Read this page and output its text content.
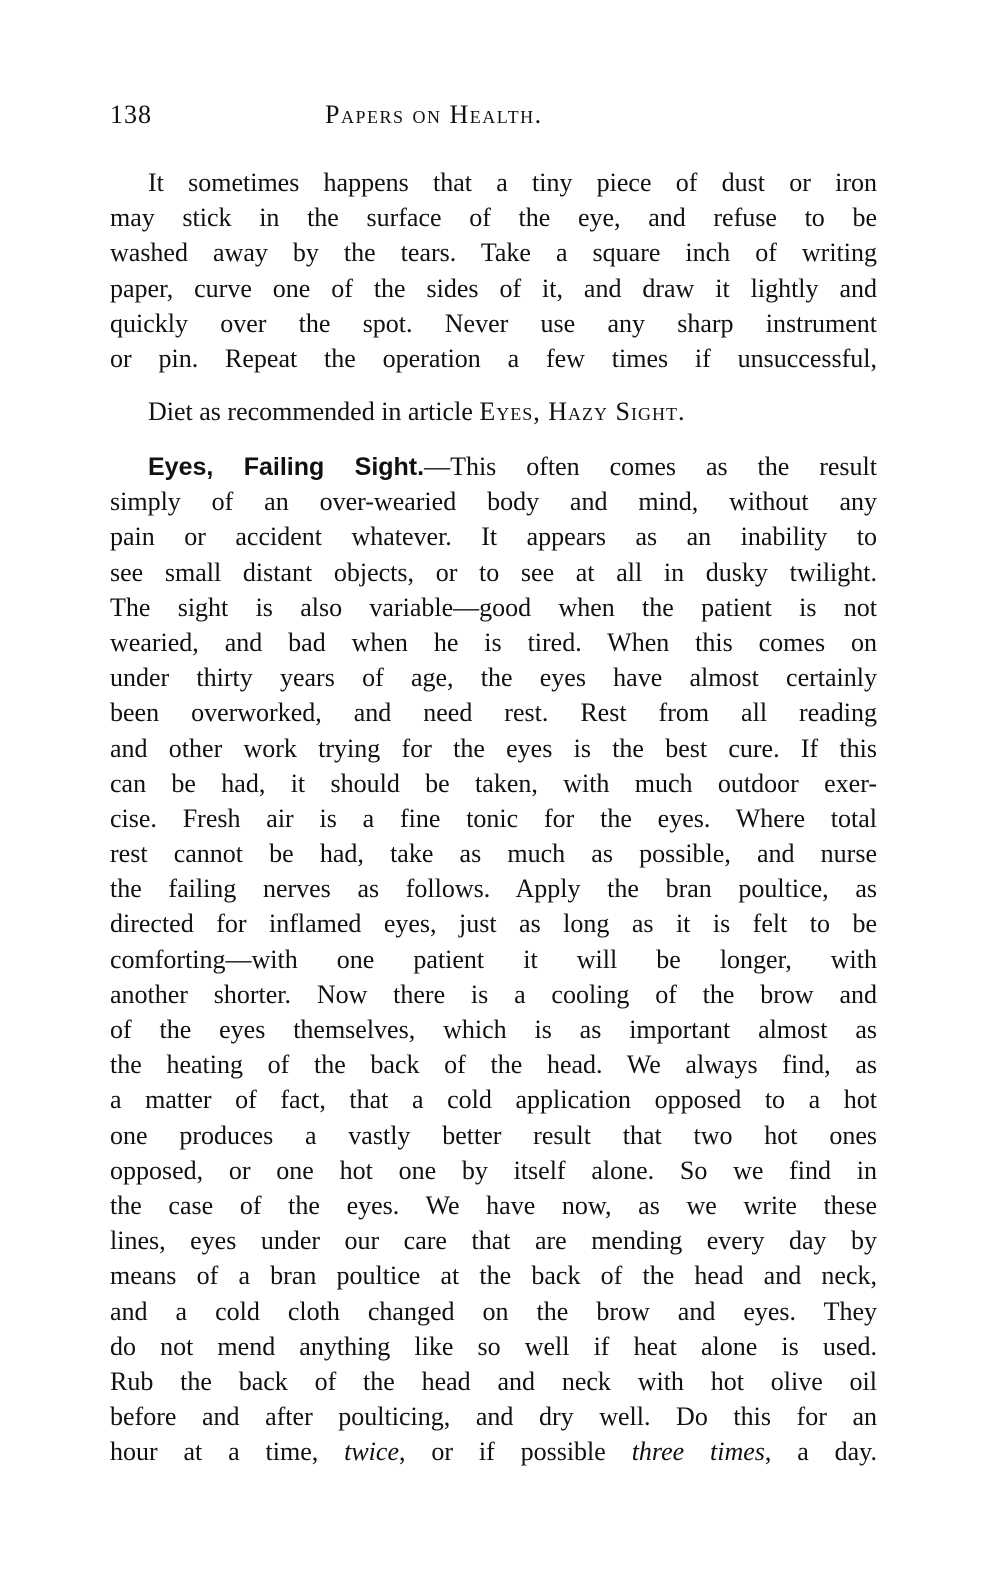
138	Papers on Health.
It sometimes happens that a tiny piece of dust or iron
may stick in the surface of the eye, and refuse to be
washed away by the tears. Take a square inch of writing
paper, curve one of the sides of it, and draw it lightly and
quickly over the spot. Never use any sharp instrument
or pin. Repeat the operation a few times if unsuccessful,
Diet as recommended in article Eyes, Hazy Sight.
Eyes, Failing Sight.—This often comes as the result
simply of an over-wearied body and mind, without any
pain or accident whatever. It appears as an inability to
see small distant objects, or to see at all in dusky twilight.
The sight is also variable—good when the patient is not
wearied, and bad when he is tired. When this comes on
under thirty years of age, the eyes have almost certainly
been overworked, and need rest. Rest from all reading
and other work trying for the eyes is the best cure. If this
can be had, it should be taken, with much outdoor exer-
cise. Fresh air is a fine tonic for the eyes. Where total
rest cannot be had, take as much as possible, and nurse
the failing nerves as follows. Apply the bran poultice, as
directed for inflamed eyes, just as long as it is felt to be
comforting—with one patient it will be longer, with
another shorter. Now there is a cooling of the brow and
of the eyes themselves, which is as important almost as
the heating of the back of the head. We always find, as
a matter of fact, that a cold application opposed to a hot
one produces a vastly better result that two hot ones
opposed, or one hot one by itself alone. So we find in
the case of the eyes. We have now, as we write these
lines, eyes under our care that are mending every day by
means of a bran poultice at the back of the head and neck,
and a cold cloth changed on the brow and eyes. They
do not mend anything like so well if heat alone is used.
Rub the back of the head and neck with hot olive oil
before and after poulticing, and dry well. Do this for an
hour at a time, twice, or if possible three times, a day.
